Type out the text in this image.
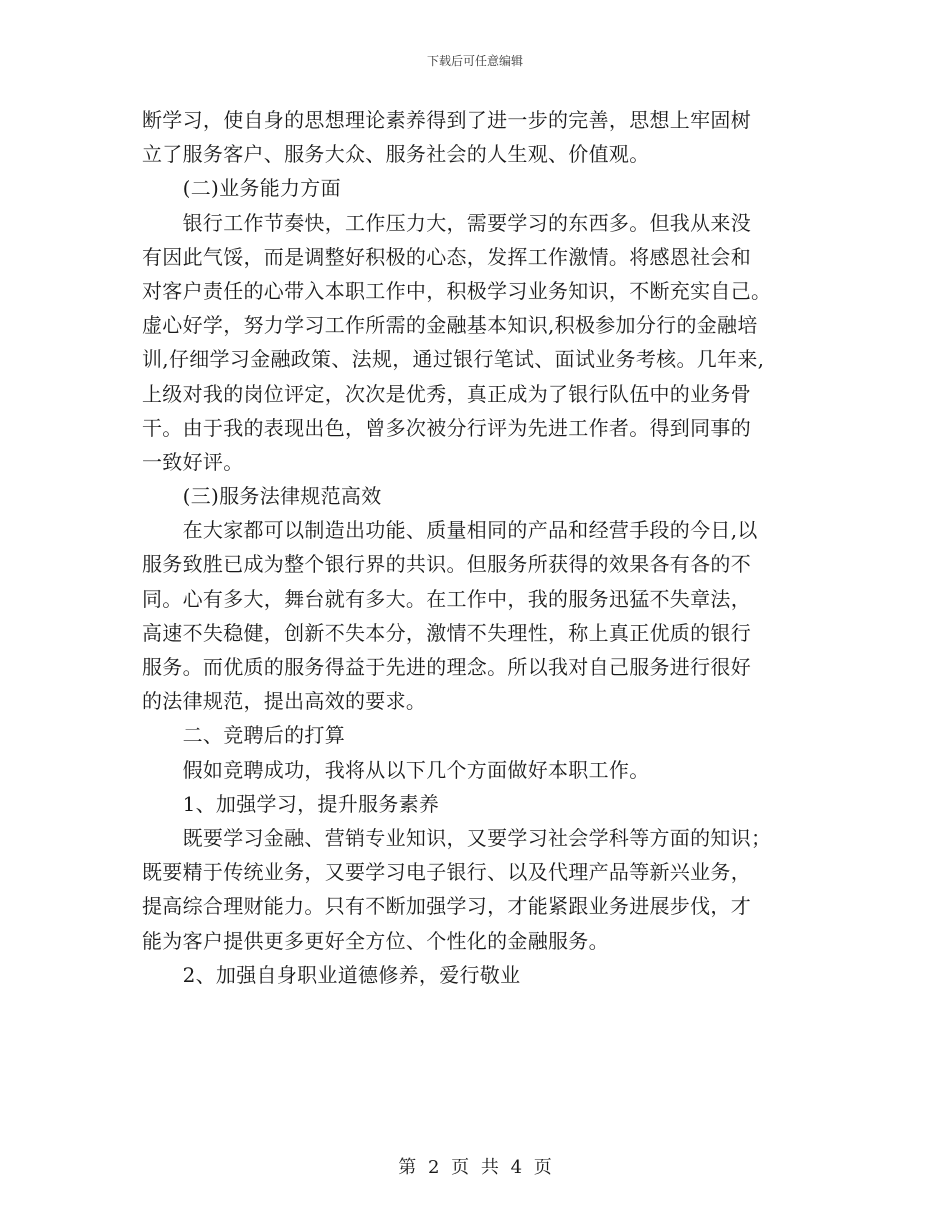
下载后可任意编辑
断学习，使自身的思想理论素养得到了进一步的完善，思想上牢固树
立了服务客户、服务大众、服务社会的人生观、价值观。
　　(二)业务能力方面
　　银行工作节奏快，工作压力大，需要学习的东西多。但我从来没
有因此气馁，而是调整好积极的心态，发挥工作激情。将感恩社会和
对客户责任的心带入本职工作中，积极学习业务知识，不断充实自己。
虚心好学，努力学习工作所需的金融基本知识,积极参加分行的金融培
训,仔细学习金融政策、法规，通过银行笔试、面试业务考核。几年来,
上级对我的岗位评定，次次是优秀，真正成为了银行队伍中的业务骨
干。由于我的表现出色，曾多次被分行评为先进工作者。得到同事的
一致好评。
　　(三)服务法律规范高效
　　在大家都可以制造出功能、质量相同的产品和经营手段的今日,以
服务致胜已成为整个银行界的共识。但服务所获得的效果各有各的不
同。心有多大，舞台就有多大。在工作中，我的服务迅猛不失章法，
高速不失稳健，创新不失本分，激情不失理性，称上真正优质的银行
服务。而优质的服务得益于先进的理念。所以我对自己服务进行很好
的法律规范，提出高效的要求。
　　二、竞聘后的打算
　　假如竞聘成功，我将从以下几个方面做好本职工作。
　　1、加强学习，提升服务素养
　　既要学习金融、营销专业知识，又要学习社会学科等方面的知识；
既要精于传统业务，又要学习电子银行、以及代理产品等新兴业务，
提高综合理财能力。只有不断加强学习，才能紧跟业务进展步伐，才
能为客户提供更多更好全方位、个性化的金融服务。
　　2、加强自身职业道德修养，爱行敬业
第 2 页 共 4 页
